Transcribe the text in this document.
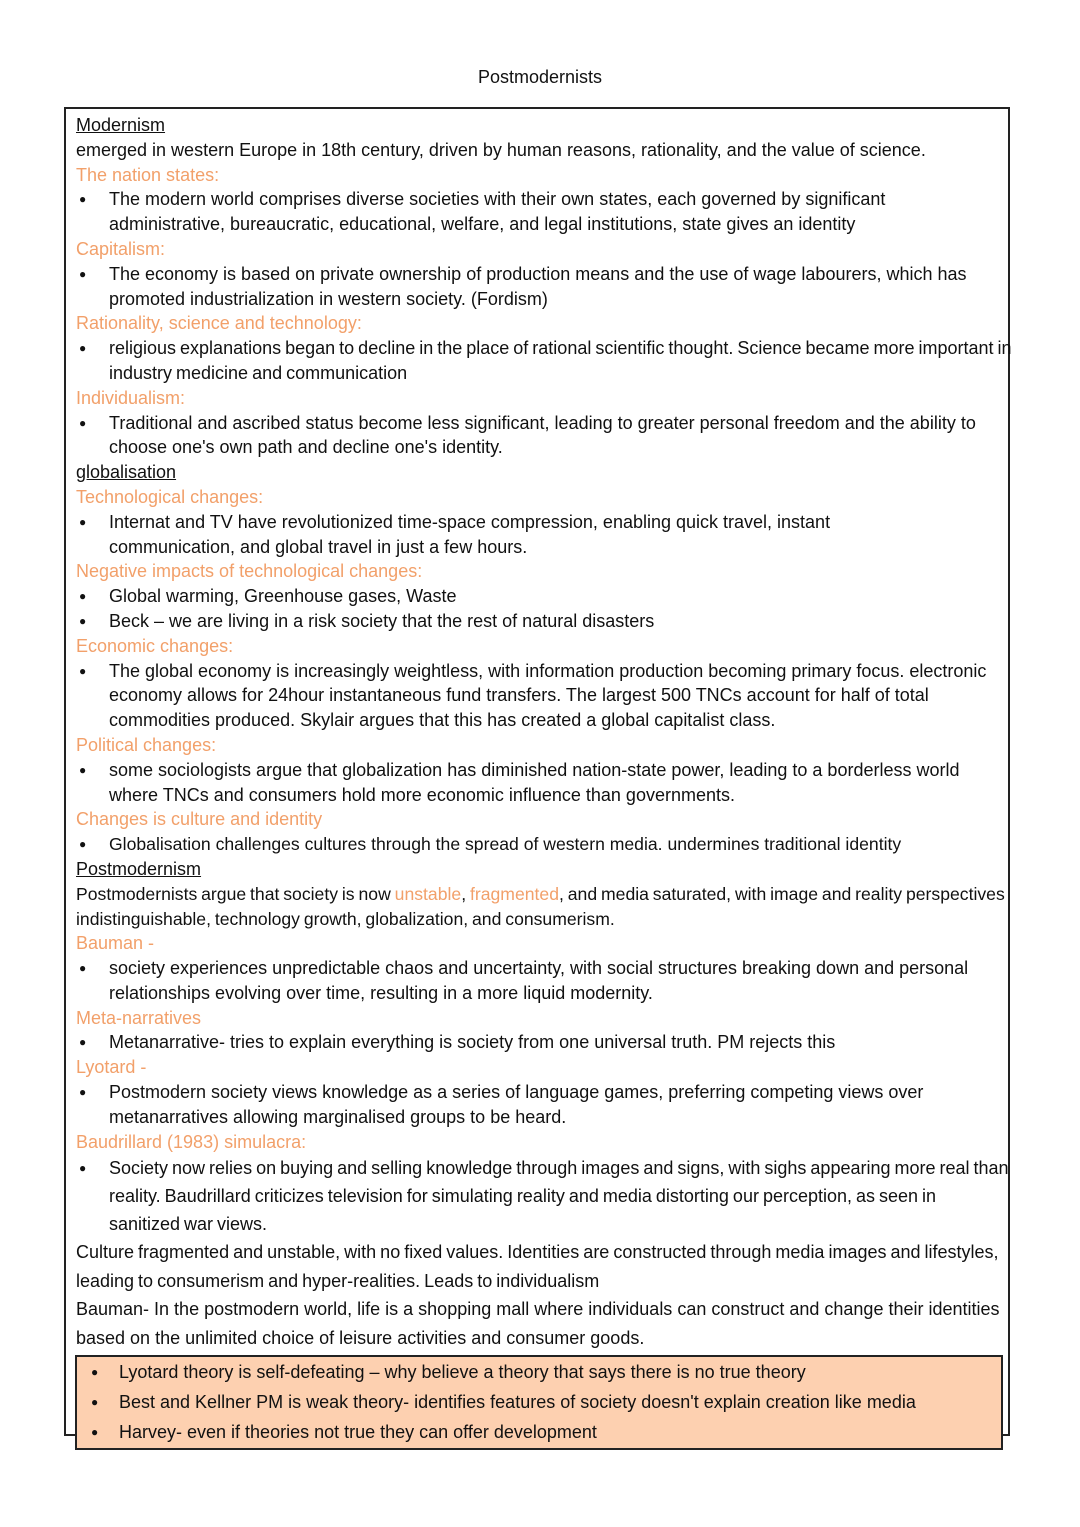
Postmodernists
Modernism
emerged in western Europe in 18th century, driven by human reasons, rationality, and the value of science.
The nation states:
● The modern world comprises diverse societies with their own states, each governed by significant administrative, bureaucratic, educational, welfare, and legal institutions, state gives an identity
Capitalism:
● The economy is based on private ownership of production means and the use of wage labourers, which has promoted industrialization in western society. (Fordism)
Rationality, science and technology:
● religious explanations began to decline in the place of rational scientific thought. Science became more important in industry medicine and communication
Individualism:
● Traditional and ascribed status become less significant, leading to greater personal freedom and the ability to choose one's own path and decline one's identity.
globalisation
Technological changes:
● Internat and TV have revolutionized time-space compression, enabling quick travel, instant communication, and global travel in just a few hours.
Negative impacts of technological changes:
● Global warming, Greenhouse gases, Waste
● Beck – we are living in a risk society that the rest of natural disasters
Economic changes:
● The global economy is increasingly weightless, with information production becoming primary focus. electronic economy allows for 24hour instantaneous fund transfers. The largest 500 TNCs account for half of total commodities produced. Skylair argues that this has created a global capitalist class.
Political changes:
● some sociologists argue that globalization has diminished nation-state power, leading to a borderless world where TNCs and consumers hold more economic influence than governments.
Changes is culture and identity
● Globalisation challenges cultures through the spread of western media. undermines traditional identity
Postmodernism
Postmodernists argue that society is now unstable, fragmented, and media saturated, with image and reality perspectives indistinguishable, technology growth, globalization, and consumerism.
Bauman -
● society experiences unpredictable chaos and uncertainty, with social structures breaking down and personal relationships evolving over time, resulting in a more liquid modernity.
Meta-narratives
● Metanarrative- tries to explain everything is society from one universal truth. PM rejects this
Lyotard -
● Postmodern society views knowledge as a series of language games, preferring competing views over metanarratives allowing marginalised groups to be heard.
Baudrillard (1983) simulacra:
● Society now relies on buying and selling knowledge through images and signs, with sighs appearing more real than reality. Baudrillard criticizes television for simulating reality and media distorting our perception, as seen in sanitized war views.
Culture fragmented and unstable, with no fixed values. Identities are constructed through media images and lifestyles, leading to consumerism and hyper-realities. Leads to individualism
Bauman- In the postmodern world, life is a shopping mall where individuals can construct and change their identities based on the unlimited choice of leisure activities and consumer goods.
● Lyotard theory is self-defeating – why believe a theory that says there is no true theory
● Best and Kellner PM is weak theory- identifies features of society doesn't explain creation like media
● Harvey- even if theories not true they can offer development
